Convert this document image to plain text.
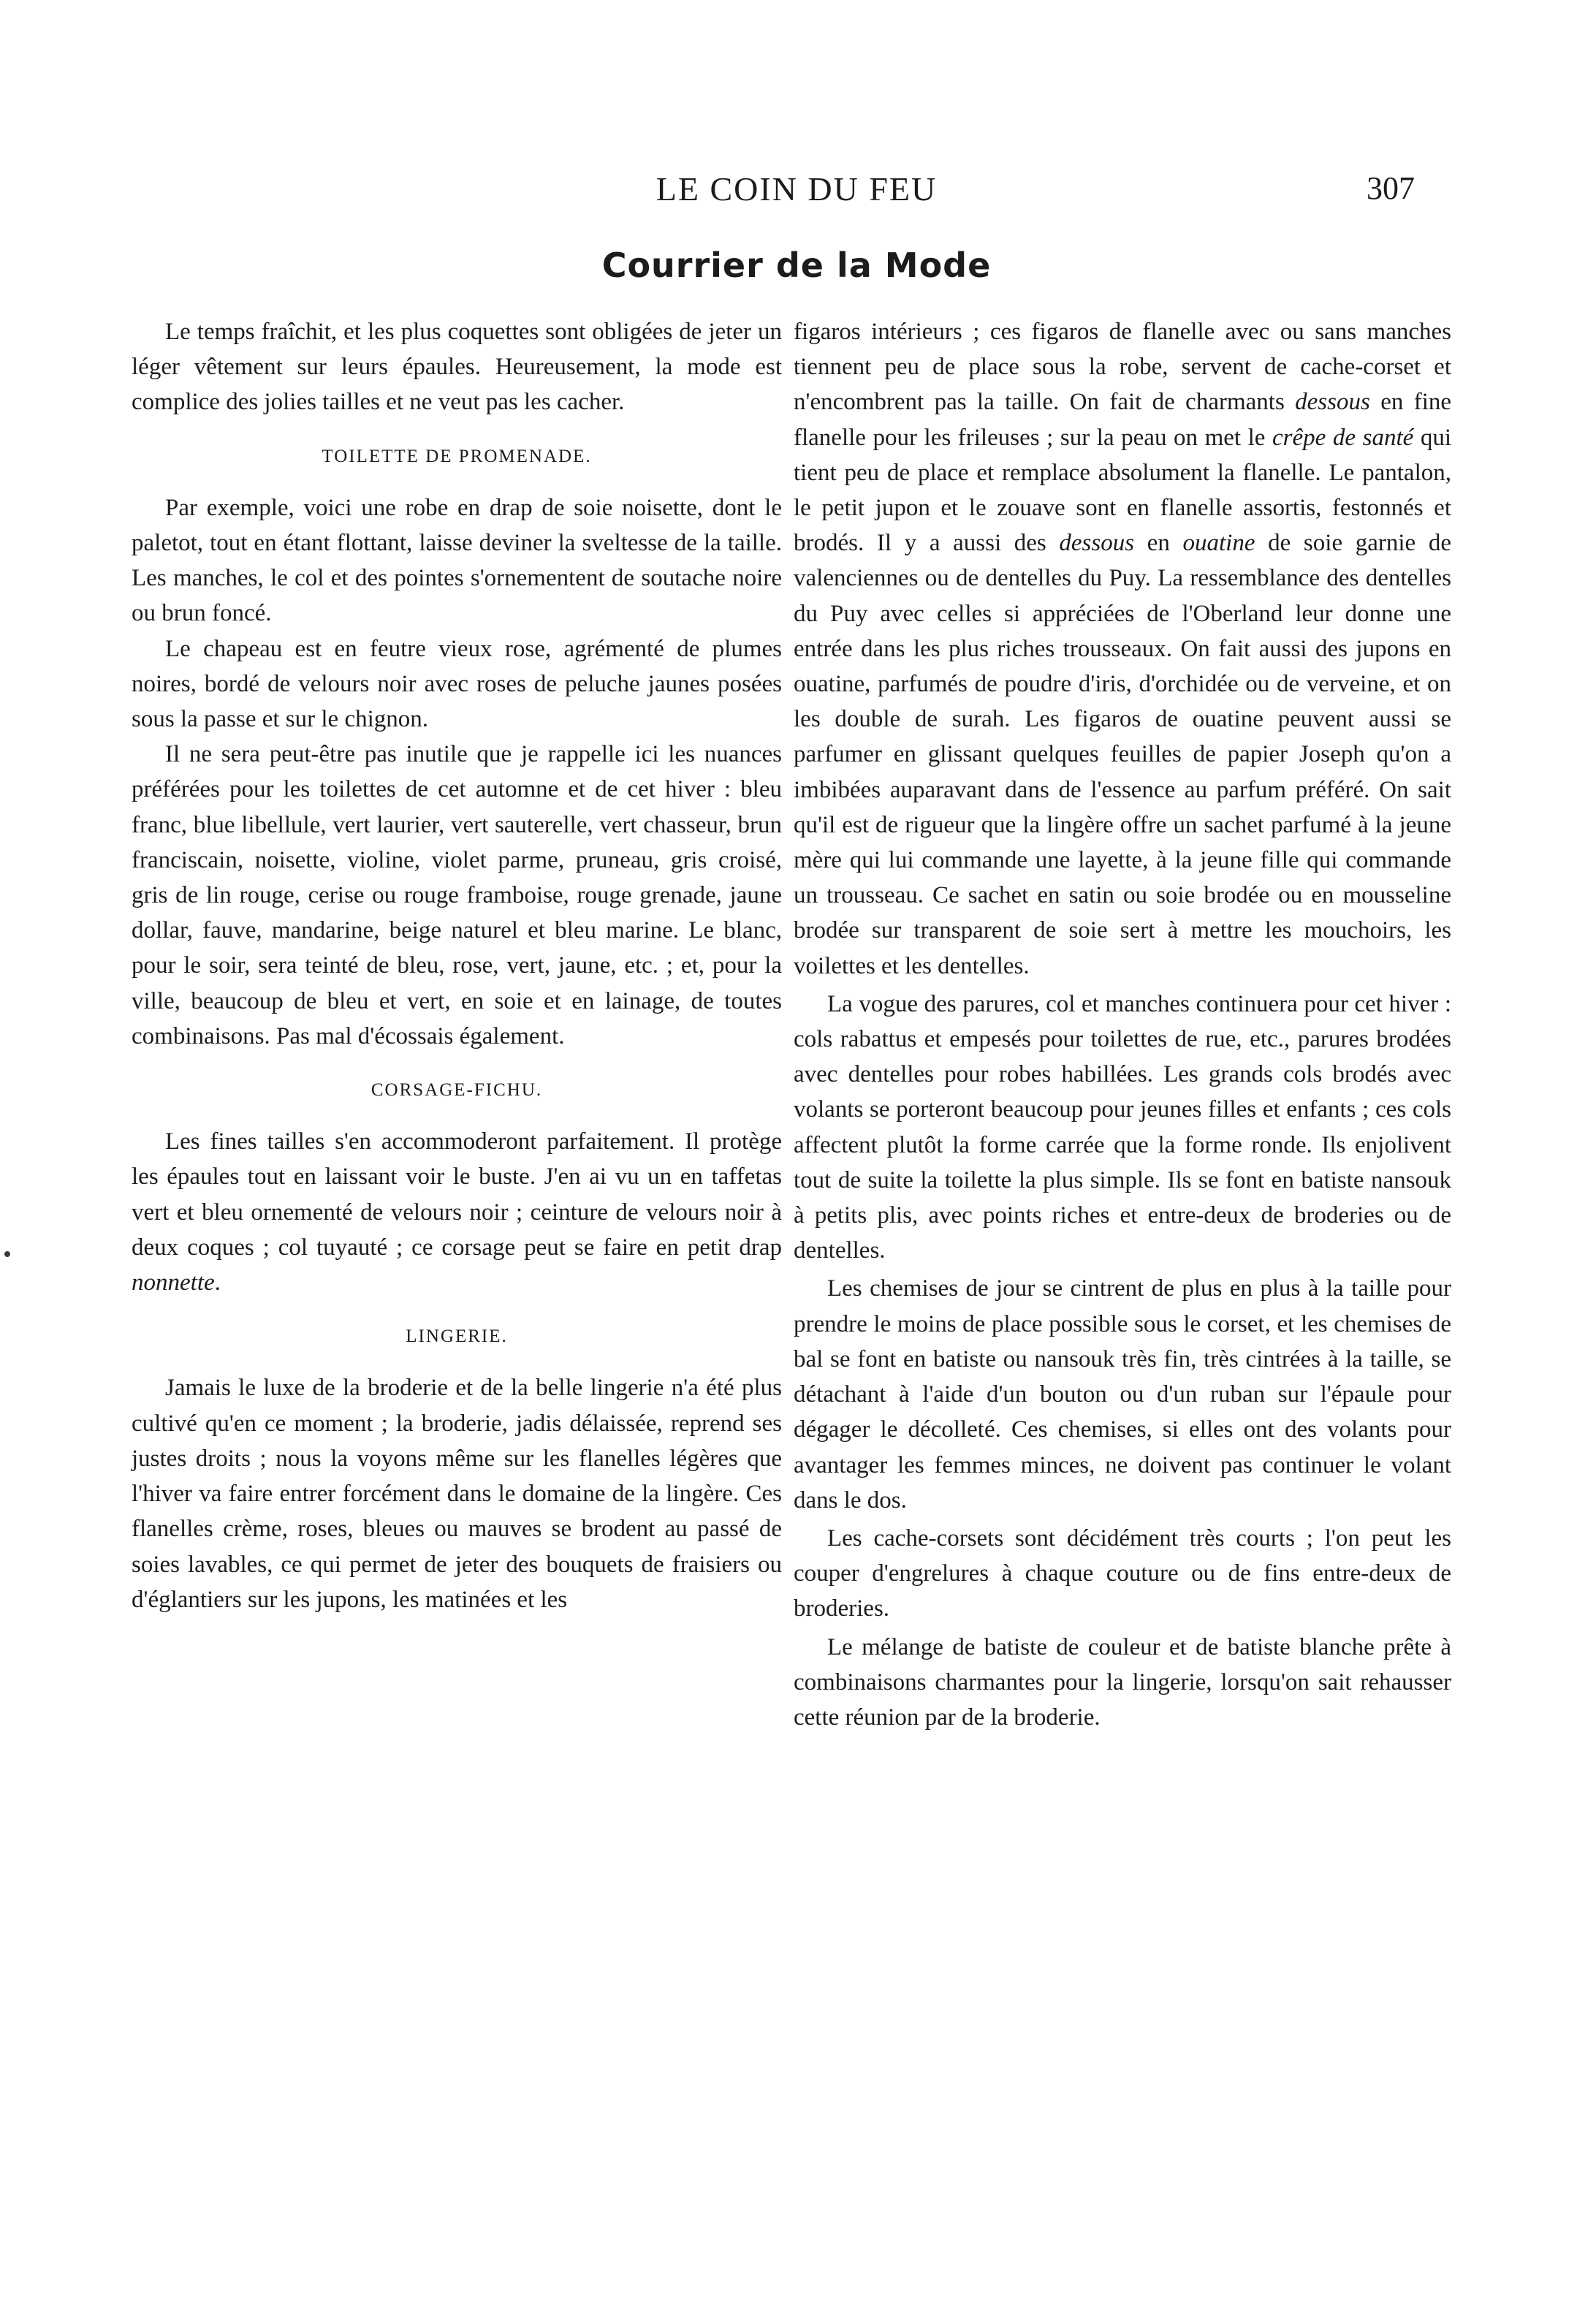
LE COIN DU FEU	307
Courrier de la Mode

Le temps fraîchit, et les plus coquettes sont obligées de jeter un léger vêtement sur leurs épaules. Heureusement, la mode est complice des jolies tailles et ne veut pas les cacher.

TOILETTE DE PROMENADE.

Par exemple, voici une robe en drap de soie noisette, dont le paletot, tout en étant flottant, laisse deviner la sveltesse de la taille. Les manches, le col et des pointes s'ornementent de soutache noire ou brun foncé.

Le chapeau est en feutre vieux rose, agrémenté de plumes noires, bordé de velours noir avec roses de peluche jaunes posées sous la passe et sur le chignon.

Il ne sera peut-être pas inutile que je rappelle ici les nuances préférées pour les toilettes de cet automne et de cet hiver : bleu franc, blue libellule, vert laurier, vert sauterelle, vert chasseur, brun franciscain, noisette, violine, violet parme, pruneau, gris croisé, gris de lin rouge, cerise ou rouge framboise, rouge grenade, jaune dollar, fauve, mandarine, beige naturel et bleu marine. Le blanc, pour le soir, sera teinté de bleu, rose, vert, jaune, etc. ; et, pour la ville, beaucoup de bleu et vert, en soie et en lainage, de toutes combinaisons. Pas mal d'écossais également.

CORSAGE-FICHU.

Les fines tailles s'en accommoderont parfaitement. Il protège les épaules tout en laissant voir le buste. J'en ai vu un en taffetas vert et bleu ornementé de velours noir ; ceinture de velours noir à deux coques ; col tuyauté ; ce corsage peut se faire en petit drap nonnette.

LINGERIE.

Jamais le luxe de la broderie et de la belle lingerie n'a été plus cultivé qu'en ce moment ; la broderie, jadis délaissée, reprend ses justes droits ; nous la voyons même sur les flanelles légères que l'hiver va faire entrer forcément dans le domaine de la lingère. Ces flanelles crème, roses, bleues ou mauves se brodent au passé de soies lavables, ce qui permet de jeter des bouquets de fraisiers ou d'églantiers sur les jupons, les matinées et les

figaros intérieurs ; ces figaros de flanelle avec ou sans manches tiennent peu de place sous la robe, servent de cache-corset et n'encombrent pas la taille. On fait de charmants dessous en fine flanelle pour les frileuses ; sur la peau on met le crêpe de santé qui tient peu de place et remplace absolument la flanelle. Le pantalon, le petit jupon et le zouave sont en flanelle assortis, festonnés et brodés. Il y a aussi des dessous en ouatine de soie garnie de valenciennes ou de dentelles du Puy. La ressemblance des dentelles du Puy avec celles si appréciées de l'Oberland leur donne une entrée dans les plus riches trousseaux. On fait aussi des jupons en ouatine, parfumés de poudre d'iris, d'orchidée ou de verveine, et on les double de surah. Les figaros de ouatine peuvent aussi se parfumer en glissant quelques feuilles de papier Joseph qu'on a imbibées auparavant dans de l'essence au parfum préféré. On sait qu'il est de rigueur que la lingère offre un sachet parfumé à la jeune mère qui lui commande une layette, à la jeune fille qui commande un trousseau. Ce sachet en satin ou soie brodée ou en mousseline brodée sur transparent de soie sert à mettre les mouchoirs, les voilettes et les dentelles.

La vogue des parures, col et manches continuera pour cet hiver : cols rabattus et empesés pour toilettes de rue, etc., parures brodées avec dentelles pour robes habillées. Les grands cols brodés avec volants se porteront beaucoup pour jeunes filles et enfants ; ces cols affectent plutôt la forme carrée que la forme ronde. Ils enjolivent tout de suite la toilette la plus simple. Ils se font en batiste nansouk à petits plis, avec points riches et entre-deux de broderies ou de dentelles.

Les chemises de jour se cintrent de plus en plus à la taille pour prendre le moins de place possible sous le corset, et les chemises de bal se font en batiste ou nansouk très fin, très cintrées à la taille, se détachant à l'aide d'un bouton ou d'un ruban sur l'épaule pour dégager le décolleté. Ces chemises, si elles ont des volants pour avantager les femmes minces, ne doivent pas continuer le volant dans le dos.

Les cache-corsets sont décidément très courts ; l'on peut les couper d'engrelures à chaque couture ou de fins entre-deux de broderies.

Le mélange de batiste de couleur et de batiste blanche prête à combinaisons charmantes pour la lingerie, lorsqu'on sait rehausser cette réunion par de la broderie.
